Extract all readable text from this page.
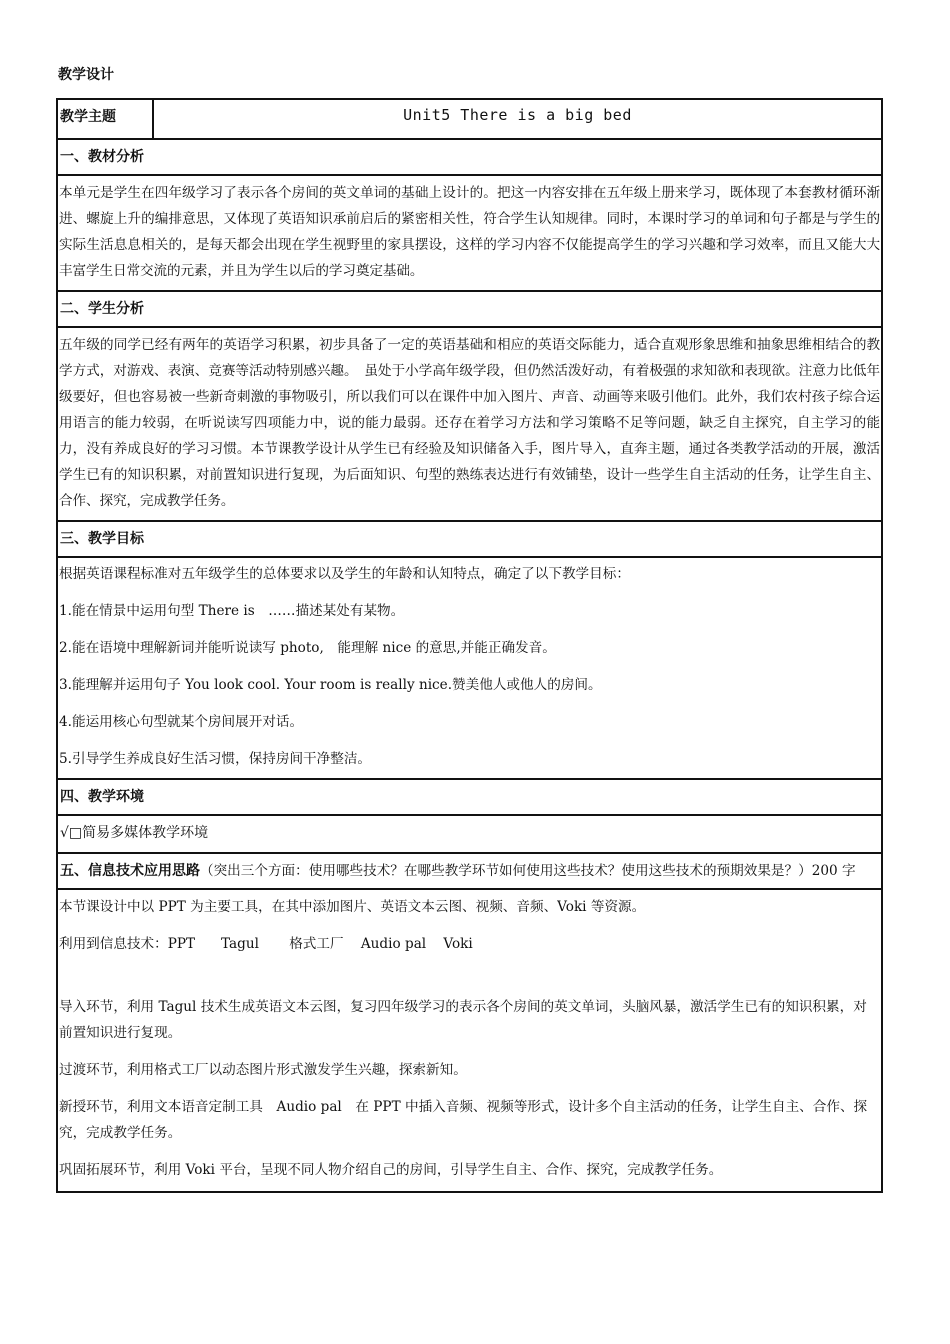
教学设计
教学主题	Unit5 There is a big bed
一、教材分析

本单元是学生在四年级学习了表示各个房间的英文单词的基础上设计的。把这一内容安排在五年级上册来学习，既体现了本套教材循环渐进、螺旋上升的编排意思，又体现了英语知识承前启后的紧密相关性，符合学生认知规律。同时，本课时学习的单词和句子都是与学生的实际生活息息相关的，是每天都会出现在学生视野里的家具摆设，这样的学习内容不仅能提高学生的学习兴趣和学习效率，而且又能大大丰富学生日常交流的元素，并且为学生以后的学习奠定基础。

二、学生分析

五年级的同学已经有两年的英语学习积累，初步具备了一定的英语基础和相应的英语交际能力，适合直观形象思维和抽象思维相结合的教学方式，对游戏、表演、竞赛等活动特别感兴趣。　虽处于小学高年级学段，但仍然活泼好动，有着极强的求知欲和表现欲。注意力比低年级要好，但也容易被一些新奇刺激的事物吸引，所以我们可以在课件中加入图片、声音、动画等来吸引他们。此外，我们农村孩子综合运用语言的能力较弱，在听说读写四项能力中，说的能力最弱。还存在着学习方法和学习策略不足等问题，缺乏自主探究，自主学习的能力，没有养成良好的学习习惯。本节课教学设计从学生已有经验及知识储备入手，图片导入，直奔主题，通过各类教学活动的开展，激活学生已有的知识积累，对前置知识进行复现，为后面知识、句型的熟练表达进行有效铺垫，设计一些学生自主活动的任务，让学生自主、合作、探究，完成教学任务。

三、教学目标

根据英语课程标准对五年级学生的总体要求以及学生的年龄和认知特点，确定了以下教学目标：

1.能在情景中运用句型 There is　……描述某处有某物。

2.能在语境中理解新词并能听说读写 photo,　能理解 nice 的意思,并能正确发音。

3.能理解并运用句子 You look cool. Your room is really nice.赞美他人或他人的房间。

4.能运用核心句型就某个房间展开对话。

5.引导学生养成良好生活习惯，保持房间干净整洁。

四、教学环境
√□简易多媒体教学环境
五、信息技术应用思路（突出三个方面：使用哪些技术？在哪些教学环节如何使用这些技术？使用这些技术的预期效果是？）200 字

本节课设计中以 PPT 为主要工具，在其中添加图片、英语文本云图、视频、音频、Voki 等资源。

利用到信息技术：PPT      Tagul       格式工厂    Audio pal    Voki

导入环节，利用 Tagul 技术生成英语文本云图，复习四年级学习的表示各个房间的英文单词，头脑风暴，激活学生已有的知识积累，对前置知识进行复现。

过渡环节，利用格式工厂以动态图片形式激发学生兴趣，探索新知。

新授环节，利用文本语音定制工具　Audio pal　在 PPT 中插入音频、视频等形式，设计多个自主活动的任务，让学生自主、合作、探究，完成教学任务。

巩固拓展环节，利用 Voki 平台，呈现不同人物介绍自己的房间，引导学生自主、合作、探究，完成教学任务。
